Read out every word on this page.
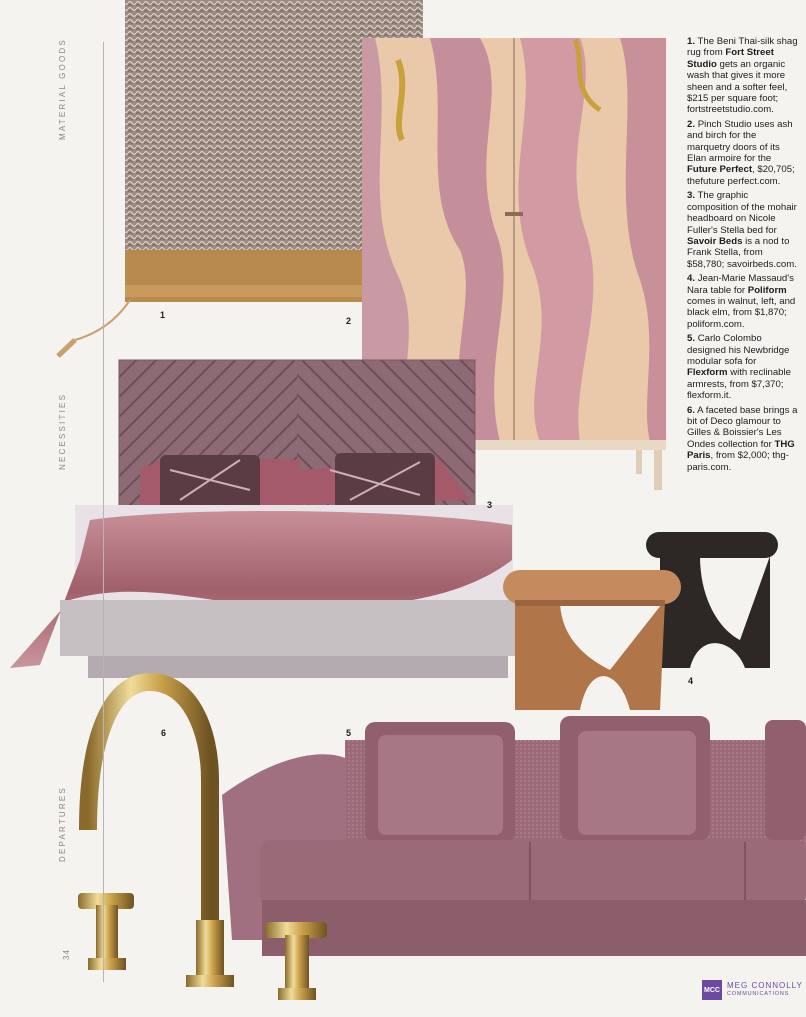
MATERIAL GOODS
NECESSITIES
DEPARTURES
34
1
2
3
4
5
6

1. The Beni Thai-silk shag rug from Fort Street Studio gets an organic wash that gives it more sheen and a softer feel, $215 per square foot; fortstreetstudio.com.

2. Pinch Studio uses ash and birch for the marquetry doors of its Elan armoire for the Future Perfect, $20,705; thefuture perfect.com.

3. The graphic composition of the mohair headboard on Nicole Fuller's Stella bed for Savoir Beds is a nod to Frank Stella, from $58,780; savoirbeds.com.

4. Jean-Marie Massaud's Nara table for Poliform comes in walnut, left, and black elm, from $1,870; poliform.com.

5. Carlo Colombo designed his Newbridge modular sofa for Flexform with reclinable armrests, from $7,370; flexform.it.

6. A faceted base brings a bit of Deco glamour to Gilles & Boissier's Les Ondes collection for THG Paris, from $2,000; thg-paris.com.

MCC MEG CONNOLLY
COMMUNICATIONS
